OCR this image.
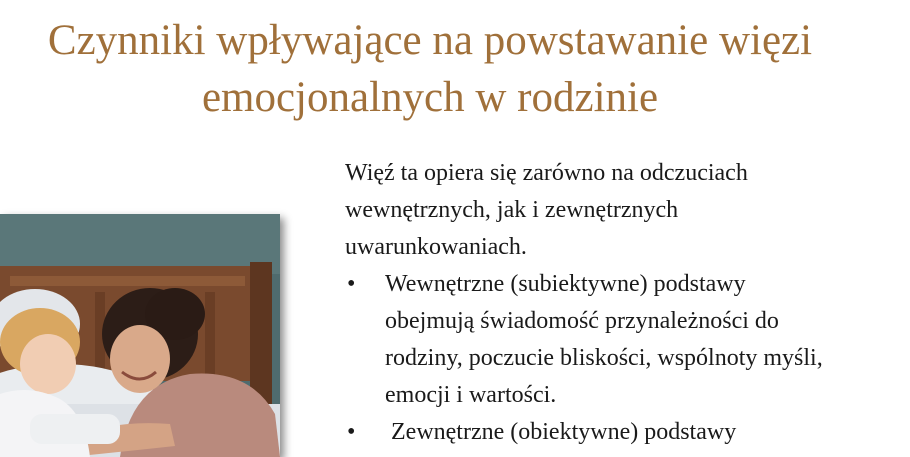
Czynniki wpływające na powstawanie więzi
emocjonalnych w rodzinie

Więź ta opiera się zarówno na odczuciach
wewnętrznych, jak i zewnętrznych
uwarunkowaniach.

• Wewnętrzne (subiektywne) podstawy
obejmują świadomość przynależności do
rodziny, poczucie bliskości, wspólnoty myśli,
emocji i wartości.
• Zewnętrzne (obiektywne) podstawy
